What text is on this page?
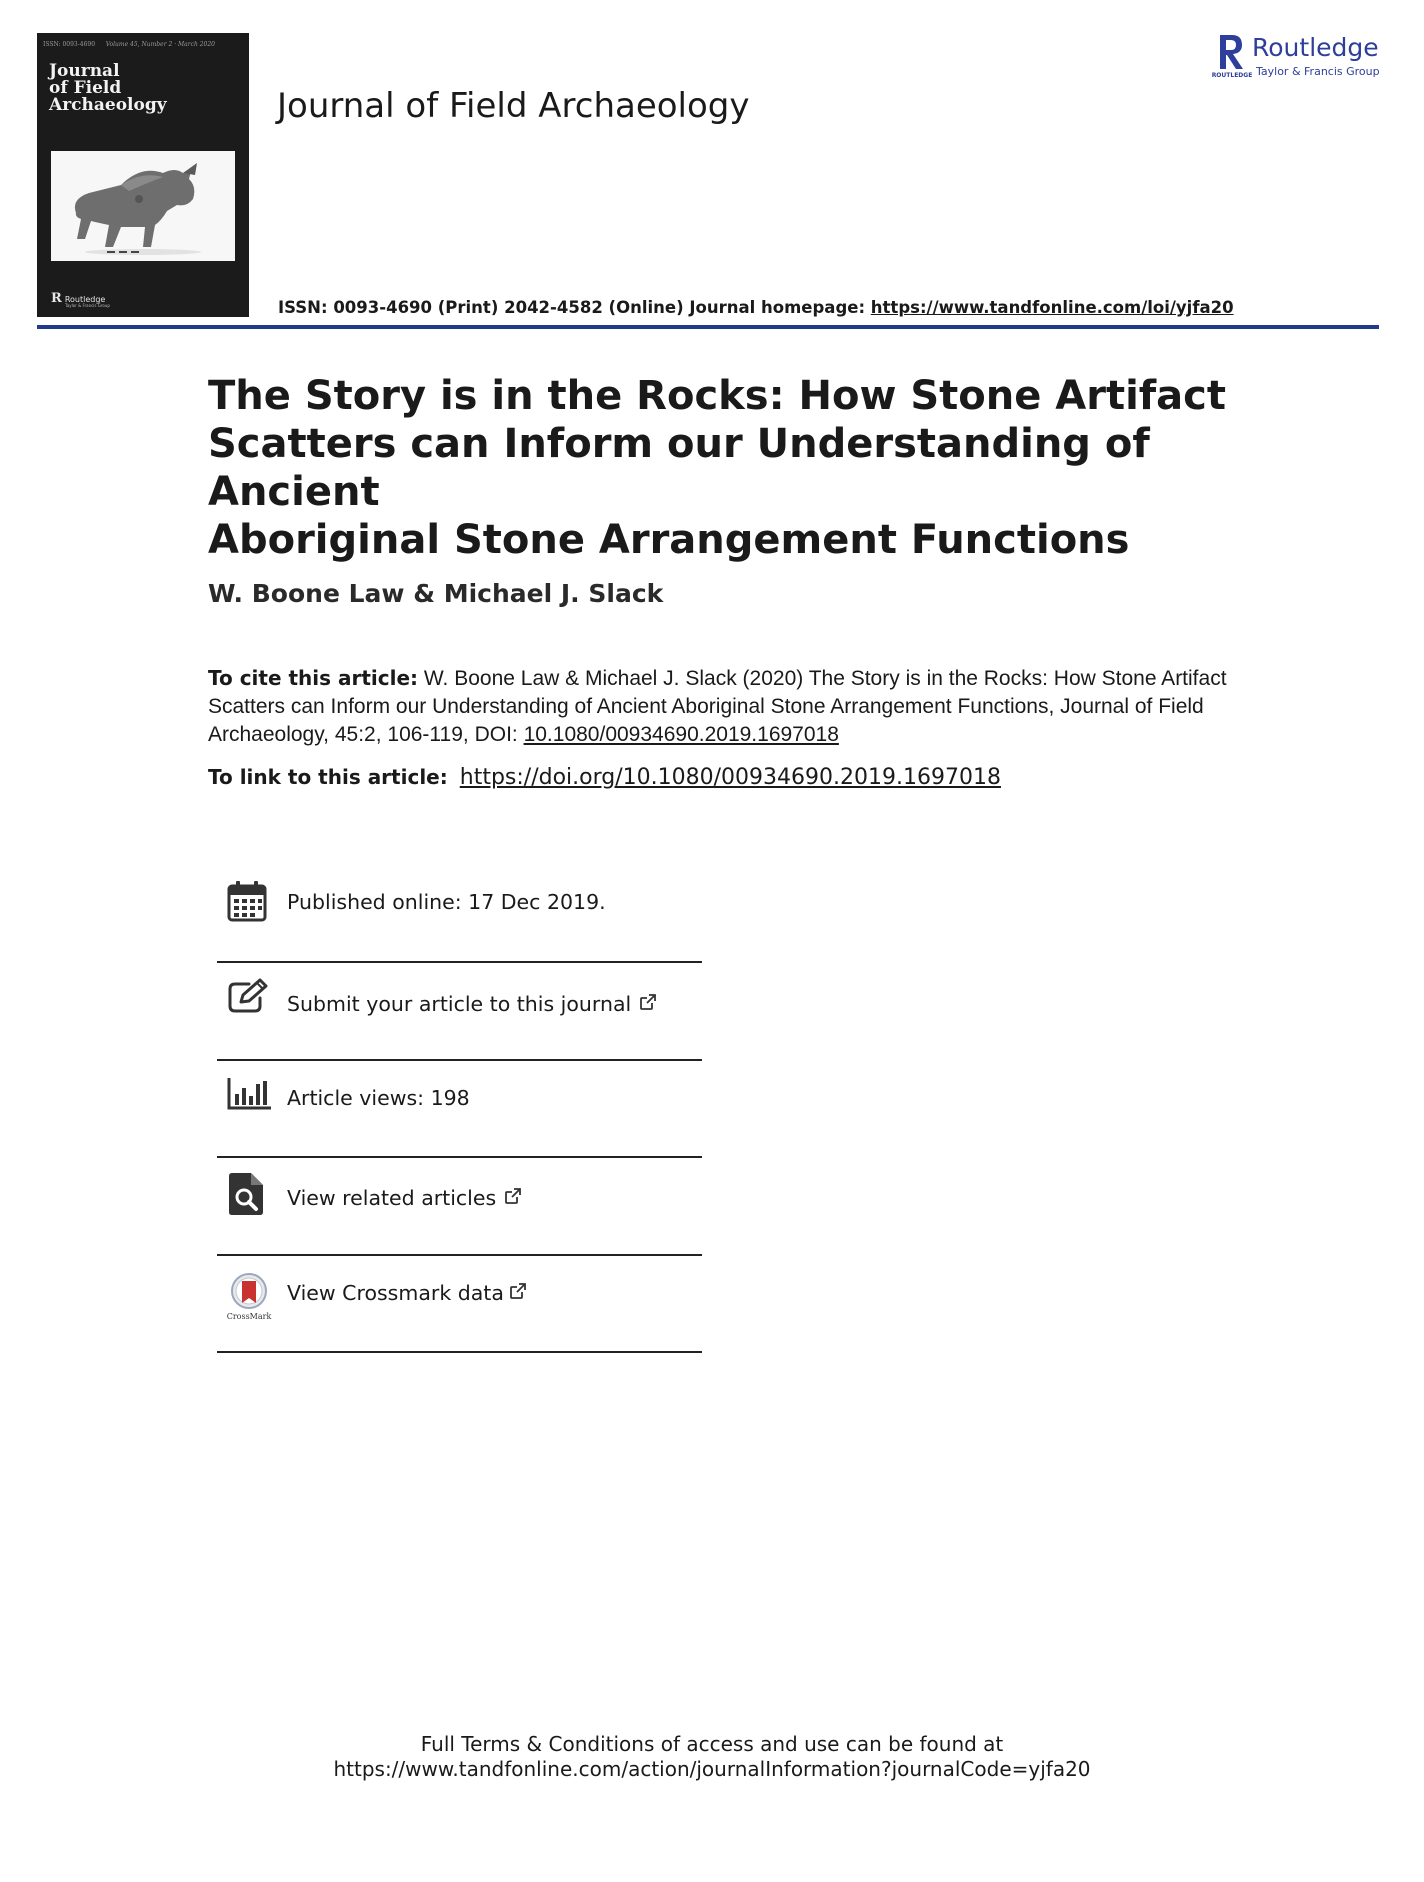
ISSN: 0093-4690 Volume 45, Number 2 · March 2020
Journal
of Field
Archaeology
R Routledge
Taylor & Francis Group
Journal of Field Archaeology
ROUTLEDGE
Routledge
Taylor & Francis Group
ISSN: 0093-4690 (Print) 2042-4582 (Online) Journal homepage: https://www.tandfonline.com/loi/yjfa20
The Story is in the Rocks: How Stone Artifact
Scatters can Inform our Understanding of Ancient
Aboriginal Stone Arrangement Functions
W. Boone Law & Michael J. Slack
To cite this article: W. Boone Law & Michael J. Slack (2020) The Story is in the Rocks: How Stone Artifact Scatters can Inform our Understanding of Ancient Aboriginal Stone Arrangement Functions, Journal of Field Archaeology, 45:2, 106-119, DOI: 10.1080/00934690.2019.1697018
To link to this article: https://doi.org/10.1080/00934690.2019.1697018
Published online: 17 Dec 2019.
Submit your article to this journal
Article views: 198
View related articles
CrossMark
View Crossmark data
Full Terms & Conditions of access and use can be found at
https://www.tandfonline.com/action/journalInformation?journalCode=yjfa20
